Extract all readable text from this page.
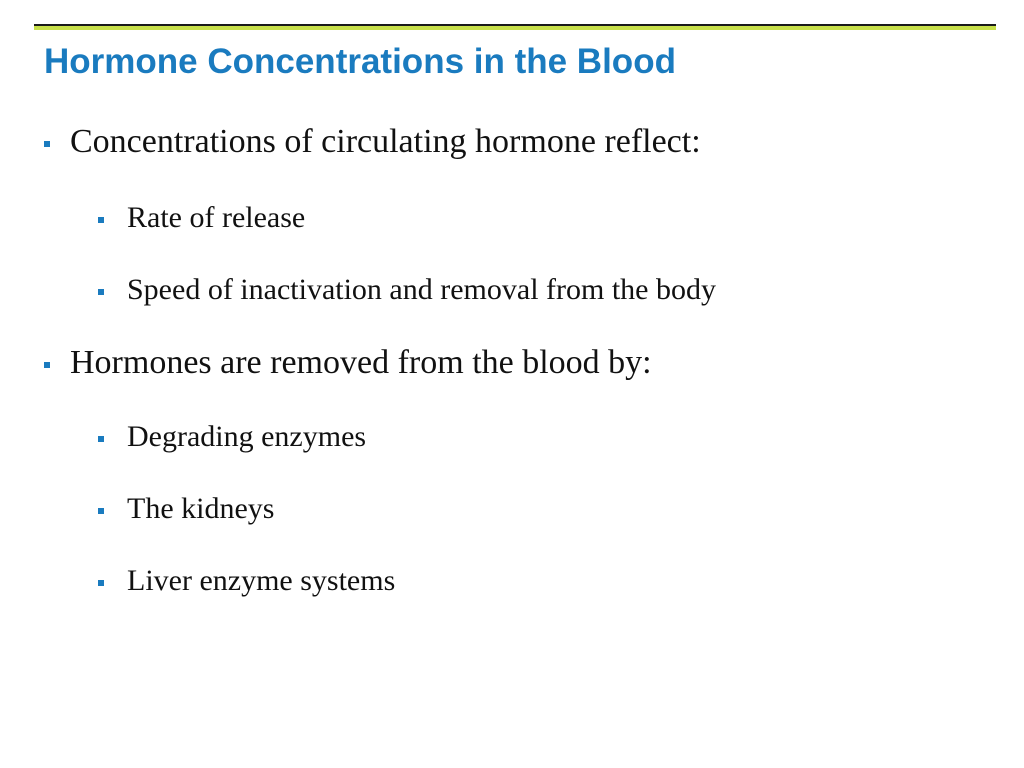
Hormone Concentrations in the Blood
Concentrations of circulating hormone reflect:
Rate of release
Speed of inactivation and removal from the body
Hormones are removed from the blood by:
Degrading enzymes
The kidneys
Liver enzyme systems
